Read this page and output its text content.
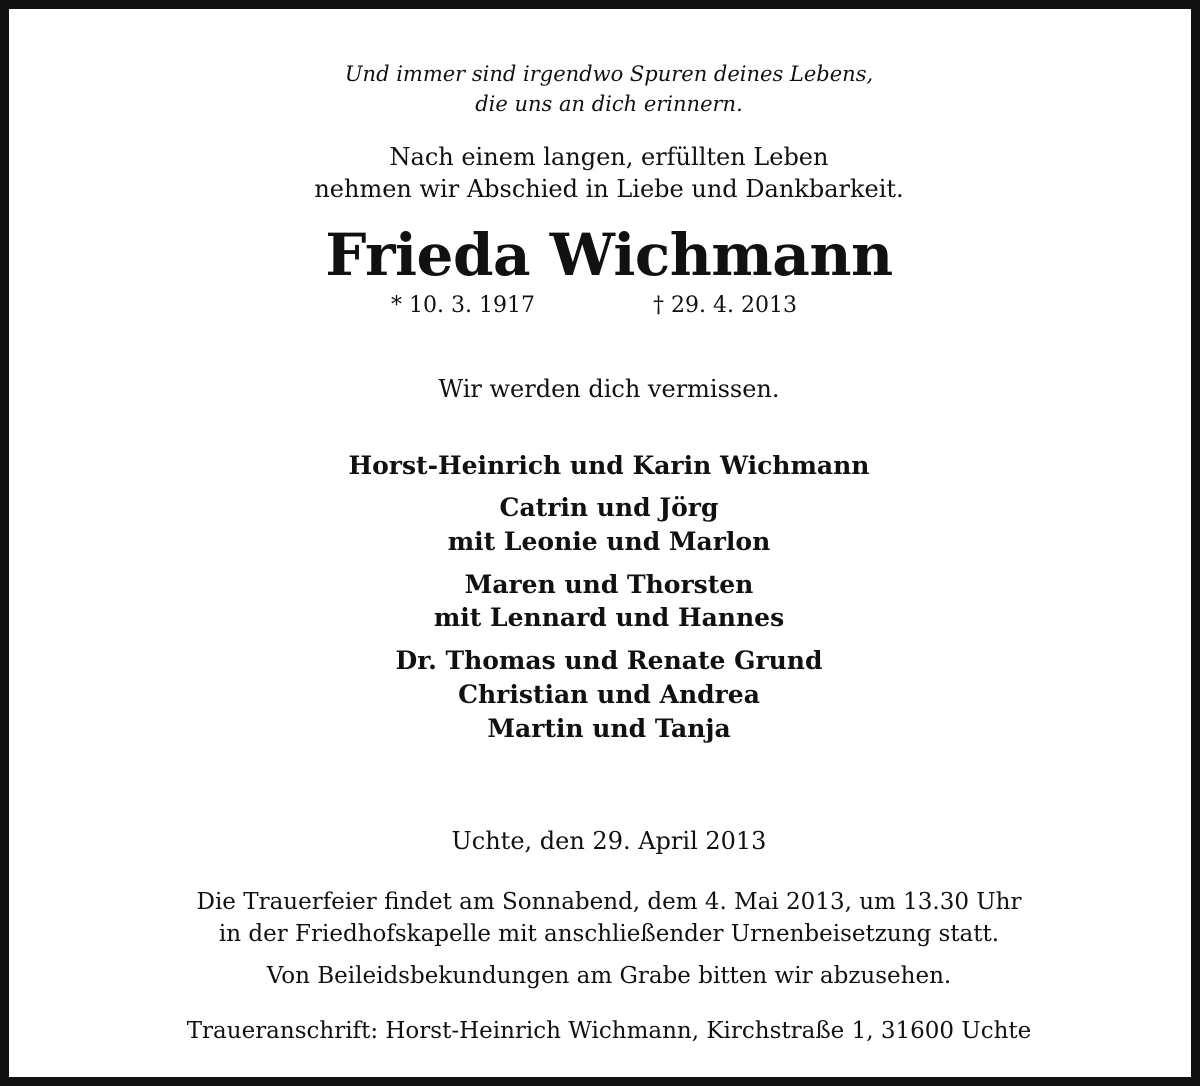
Und immer sind irgendwo Spuren deines Lebens,
die uns an dich erinnern.
Nach einem langen, erfüllten Leben
nehmen wir Abschied in Liebe und Dankbarkeit.
Frieda Wichmann
* 10. 3. 1917	† 29. 4. 2013
Wir werden dich vermissen.
Horst-Heinrich und Karin Wichmann
Catrin und Jörg
mit Leonie und Marlon
Maren und Thorsten
mit Lennard und Hannes
Dr. Thomas und Renate Grund
Christian und Andrea
Martin und Tanja
Uchte, den 29. April 2013
Die Trauerfeier findet am Sonnabend, dem 4. Mai 2013, um 13.30 Uhr
in der Friedhofskapelle mit anschließender Urnenbeisetzung statt.
Von Beileidsbekundungen am Grabe bitten wir abzusehen.
Traueranschrift: Horst-Heinrich Wichmann, Kirchstraße 1, 31600 Uchte
